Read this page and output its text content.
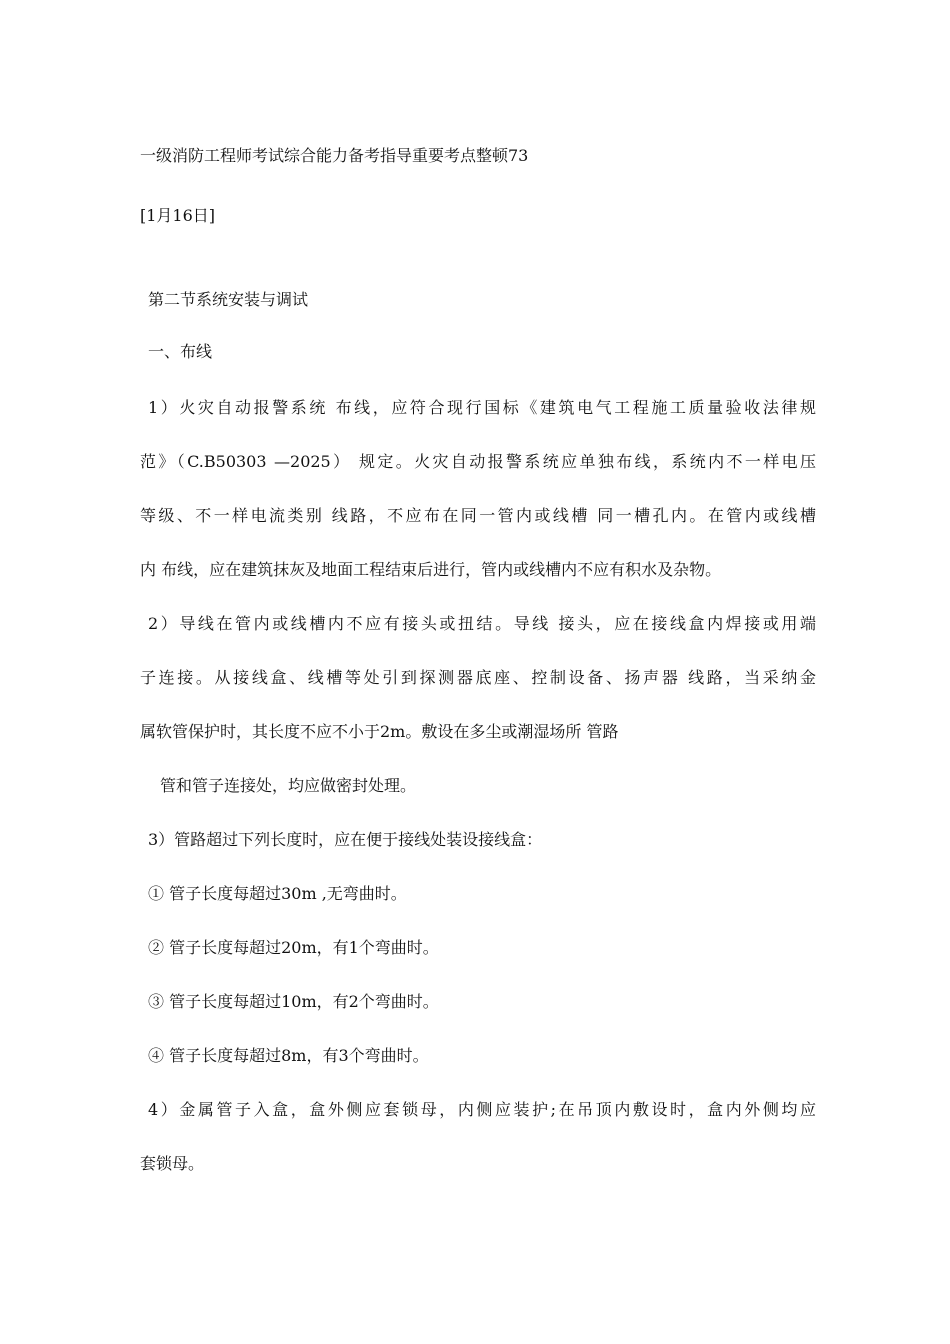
一级消防工程师考试综合能力备考指导重要考点整顿73
[1月16日]
第二节系统安装与调试
一、布线
1）火灾自动报警系统 布线，应符合现行国标《建筑电气工程施工质量验收法律规
范》（C.B50303 —2025） 规定。火灾自动报警系统应单独布线，系统内不一样电压
等级、不一样电流类别 线路，不应布在同一管内或线槽 同一槽孔内。在管内或线槽
内 布线，应在建筑抹灰及地面工程结束后进行，管内或线槽内不应有积水及杂物。
2）导线在管内或线槽内不应有接头或扭结。导线 接头，应在接线盒内焊接或用端
子连接。从接线盒、线槽等处引到探测器底座、控制设备、扬声器 线路，当采纳金
属软管保护时，其长度不应不小于2m。敷设在多尘或潮湿场所 管路
管和管子连接处，均应做密封处理。
3）管路超过下列长度时，应在便于接线处装设接线盒：
① 管子长度每超过30m ,无弯曲时。
② 管子长度每超过20m，有1个弯曲时。
③ 管子长度每超过10m，有2个弯曲时。
④ 管子长度每超过8m，有3个弯曲时。
4）金属管子入盒，盒外侧应套锁母，内侧应装护;在吊顶内敷设时，盒内外侧均应
套锁母。
